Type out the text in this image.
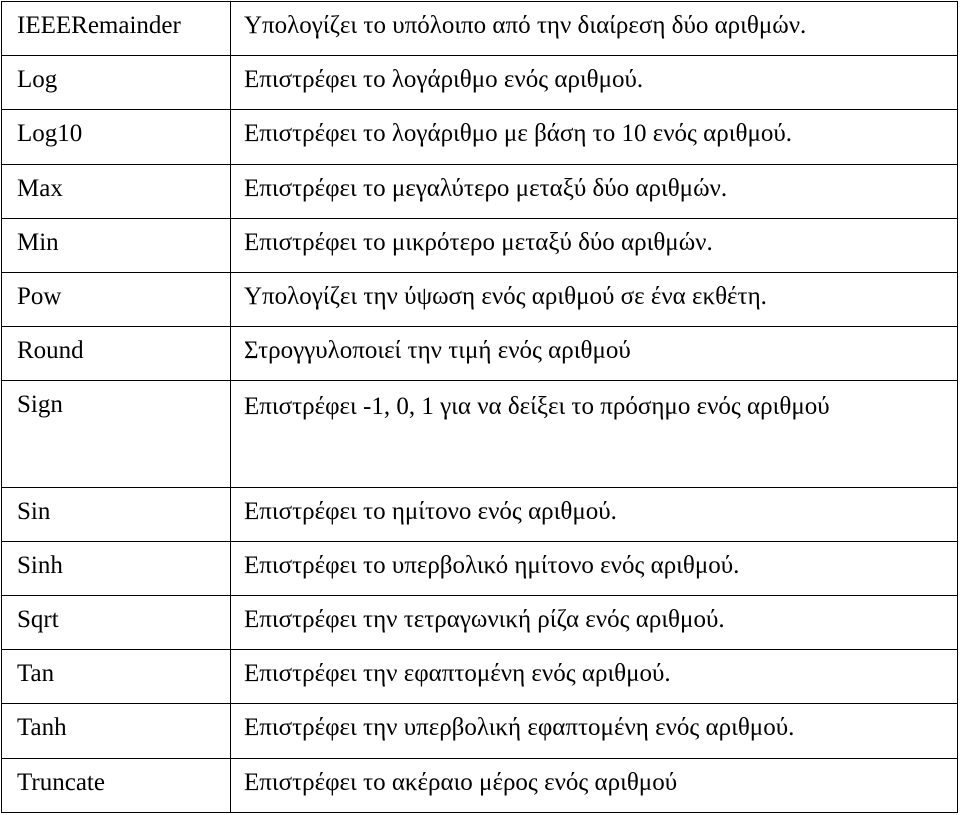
IEEERemainder	Υπολογίζει το υπόλοιπο από την διαίρεση δύο αριθμών.
Log	Επιστρέφει το λογάριθμο ενός αριθμού.
Log10	Επιστρέφει το λογάριθμο με βάση το 10 ενός αριθμού.
Max	Επιστρέφει το μεγαλύτερο μεταξύ δύο αριθμών.
Min	Επιστρέφει το μικρότερο μεταξύ δύο αριθμών.
Pow	Υπολογίζει την ύψωση ενός αριθμού σε ένα εκθέτη.
Round	Στρογγυλοποιεί την τιμή ενός αριθμού
Sign	Επιστρέφει -1, 0, 1 για να δείξει το πρόσημο ενός αριθμού
Sin	Επιστρέφει το ημίτονο ενός αριθμού.
Sinh	Επιστρέφει το υπερβολικό ημίτονο ενός αριθμού.
Sqrt	Επιστρέφει την τετραγωνική ρίζα ενός αριθμού.
Tan	Επιστρέφει την εφαπτομένη ενός αριθμού.
Tanh	Επιστρέφει την υπερβολική εφαπτομένη ενός αριθμού.
Truncate	Επιστρέφει το ακέραιο μέρος ενός αριθμού
